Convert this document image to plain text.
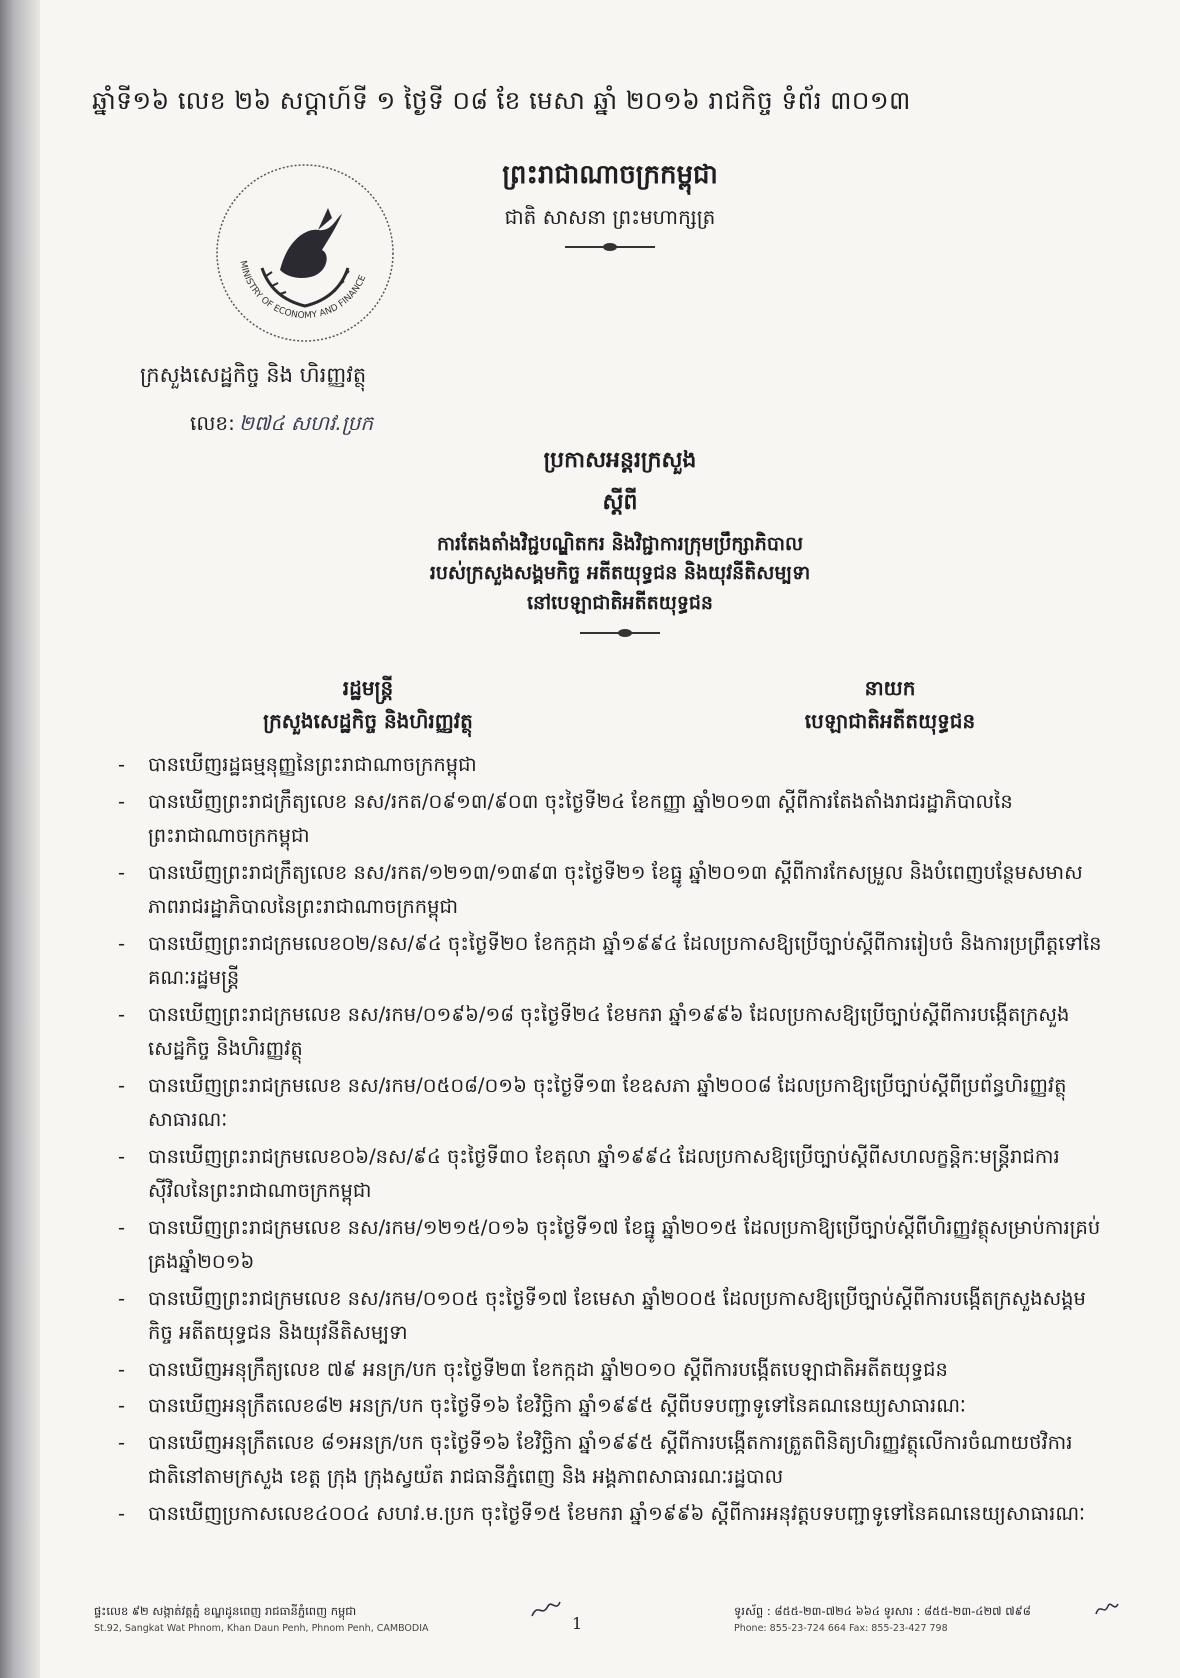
ឆ្នាំទី១៦ លេខ ២៦ សប្តាហ៍ទី ១ ថ្ងៃទី ០៨ ខែ មេសា ឆ្នាំ ២០១៦ រាជកិច្ច ទំព័រ ៣០១៣
ព្រះរាជាណាចក្រកម្ពុជា
ជាតិ សាសនា ព្រះមហាក្សត្រ
MINISTRY OF ECONOMY AND FINANCE
ក្រសួងសេដ្ឋកិច្ច និង ហិរញ្ញវត្ថុ
លេខ: ២៧៤ សហវ.ប្រក
ប្រកាសអន្តរក្រសួង
ស្តីពី
ការតែងតាំងវិជ្ជបណ្ឌិតករ និងវិជ្ជាការក្រុមប្រឹក្សាភិបាល
របស់ក្រសួងសង្គមកិច្ច អតីតយុទ្ធជន និងយុវនីតិសម្បទា
នៅបេឡាជាតិអតីតយុទ្ធជន
រដ្ឋមន្ត្រី
ក្រសួងសេដ្ឋកិច្ច និងហិរញ្ញវត្ថុ
នាយក
បេឡាជាតិអតីតយុទ្ធជន
- បានឃើញរដ្ឋធម្មនុញ្ញនៃព្រះរាជាណាចក្រកម្ពុជា
- បានឃើញព្រះរាជក្រឹត្យលេខ នស/រកត/០៩១៣/៩០៣ ចុះថ្ងៃទី២៤ ខែកញ្ញា ឆ្នាំ២០១៣ ស្តីពីការតែងតាំងរាជរដ្ឋាភិបាលនៃព្រះរាជាណាចក្រកម្ពុជា
- បានឃើញព្រះរាជក្រឹត្យលេខ នស/រកត/១២១៣/១៣៩៣ ចុះថ្ងៃទី២១ ខែធ្នូ ឆ្នាំ២០១៣ ស្តីពីការកែសម្រួល និងបំពេញបន្ថែមសមាសភាពរាជរដ្ឋាភិបាលនៃព្រះរាជាណាចក្រកម្ពុជា
- បានឃើញព្រះរាជក្រមលេខ០២/នស/៩៤ ចុះថ្ងៃទី២០ ខែកក្កដា ឆ្នាំ១៩៩៤ ដែលប្រកាសឱ្យប្រើច្បាប់ស្តីពីការរៀបចំ និងការប្រព្រឹត្តទៅនៃគណៈរដ្ឋមន្ត្រី
- បានឃើញព្រះរាជក្រមលេខ នស/រកម/០១៩៦/១៨ ចុះថ្ងៃទី២៤ ខែមករា ឆ្នាំ១៩៩៦ ដែលប្រកាសឱ្យប្រើច្បាប់ស្តីពីការបង្កើតក្រសួងសេដ្ឋកិច្ច និងហិរញ្ញវត្ថុ
- បានឃើញព្រះរាជក្រមលេខ នស/រកម/០៥០៨/០១៦ ចុះថ្ងៃទី១៣ ខែឧសភា ឆ្នាំ២០០៨ ដែលប្រកាឱ្យប្រើច្បាប់ស្តីពីប្រព័ន្ធហិរញ្ញវត្ថុសាធារណៈ
- បានឃើញព្រះរាជក្រមលេខ០៦/នស/៩៤ ចុះថ្ងៃទី៣០ ខែតុលា ឆ្នាំ១៩៩៤ ដែលប្រកាសឱ្យប្រើច្បាប់ស្តីពីសហលក្ខន្តិកៈមន្ត្រីរាជការស៊ីវិលនៃព្រះរាជាណាចក្រកម្ពុជា
- បានឃើញព្រះរាជក្រមលេខ នស/រកម/១២១៥/០១៦ ចុះថ្ងៃទី១៧ ខែធ្នូ ឆ្នាំ២០១៥ ដែលប្រកាឱ្យប្រើច្បាប់ស្តីពីហិរញ្ញវត្ថុសម្រាប់ការគ្រប់គ្រងឆ្នាំ២០១៦
- បានឃើញព្រះរាជក្រមលេខ នស/រកម/០១០៥ ចុះថ្ងៃទី១៧ ខែមេសា ឆ្នាំ២០០៥ ដែលប្រកាសឱ្យប្រើច្បាប់ស្តីពីការបង្កើតក្រសួងសង្គមកិច្ច អតីតយុទ្ធជន និងយុវនីតិសម្បទា
- បានឃើញអនុក្រឹត្យលេខ ៧៩ អនក្រ/បក ចុះថ្ងៃទី២៣ ខែកក្កដា ឆ្នាំ២០១០ ស្តីពីការបង្កើតបេឡាជាតិអតីតយុទ្ធជន
- បានឃើញអនុក្រឹតលេខ៨២ អនក្រ/បក ចុះថ្ងៃទី១៦ ខែវិច្ឆិកា ឆ្នាំ១៩៩៥ ស្តីពីបទបញ្ជាទូទៅនៃគណនេយ្យសាធារណៈ
- បានឃើញអនុក្រឹតលេខ ៨១អនក្រ/បក ចុះថ្ងៃទី១៦ ខែវិច្ឆិកា ឆ្នាំ១៩៩៥ ស្តីពីការបង្កើតការត្រួតពិនិត្យហិរញ្ញវត្ថុលើការចំណាយថវិការជាតិនៅតាមក្រសួង ខេត្ត ក្រុង ក្រុងស្វយ័ត រាជធានីភ្នំពេញ និង អង្គភាពសាធារណៈរដ្ឋបាល
- បានឃើញប្រកាសលេខ៤០០៤ សហវ.ម.ប្រក ចុះថ្ងៃទី១៥ ខែមករា ឆ្នាំ១៩៩៦ ស្តីពីការអនុវត្តបទបញ្ជាទូទៅនៃគណនេយ្យសាធារណៈ
ផ្ទះលេខ ៩២ សង្កាត់វត្តភ្នំ ខណ្ឌដូនពេញ រាជធានីភ្នំពេញ កម្ពុជា
St.92, Sangkat Wat Phnom, Khan Daun Penh, Phnom Penh, CAMBODIA	1
ទូរស័ព្ទ : ៨៥៥-២៣-៧២៤ ៦៦៤ ទូរសារ : ៨៥៥-២៣-៤២៧ ៧៩៨
Phone: 855-23-724 664 Fax: 855-23-427 798
